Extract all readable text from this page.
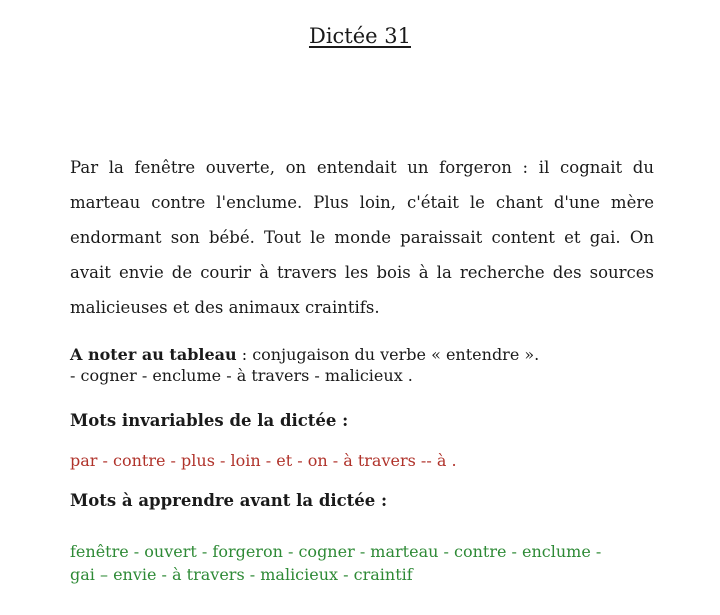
Dictée 31
Par la fenêtre ouverte, on entendait un forgeron : il cognait du
marteau contre l'enclume. Plus loin, c'était le chant d'une mère
endormant son bébé. Tout le monde paraissait content et gai. On
avait envie de courir à travers les bois à la recherche des sources
malicieuses et des animaux craintifs.
A noter au tableau : conjugaison du verbe « entendre ».
- cogner - enclume - à travers - malicieux .
Mots invariables de la dictée :
par - contre - plus - loin - et - on - à travers -- à .
Mots à apprendre avant la dictée :
fenêtre - ouvert - forgeron - cogner - marteau - contre - enclume -
gai – envie - à travers - malicieux - craintif
